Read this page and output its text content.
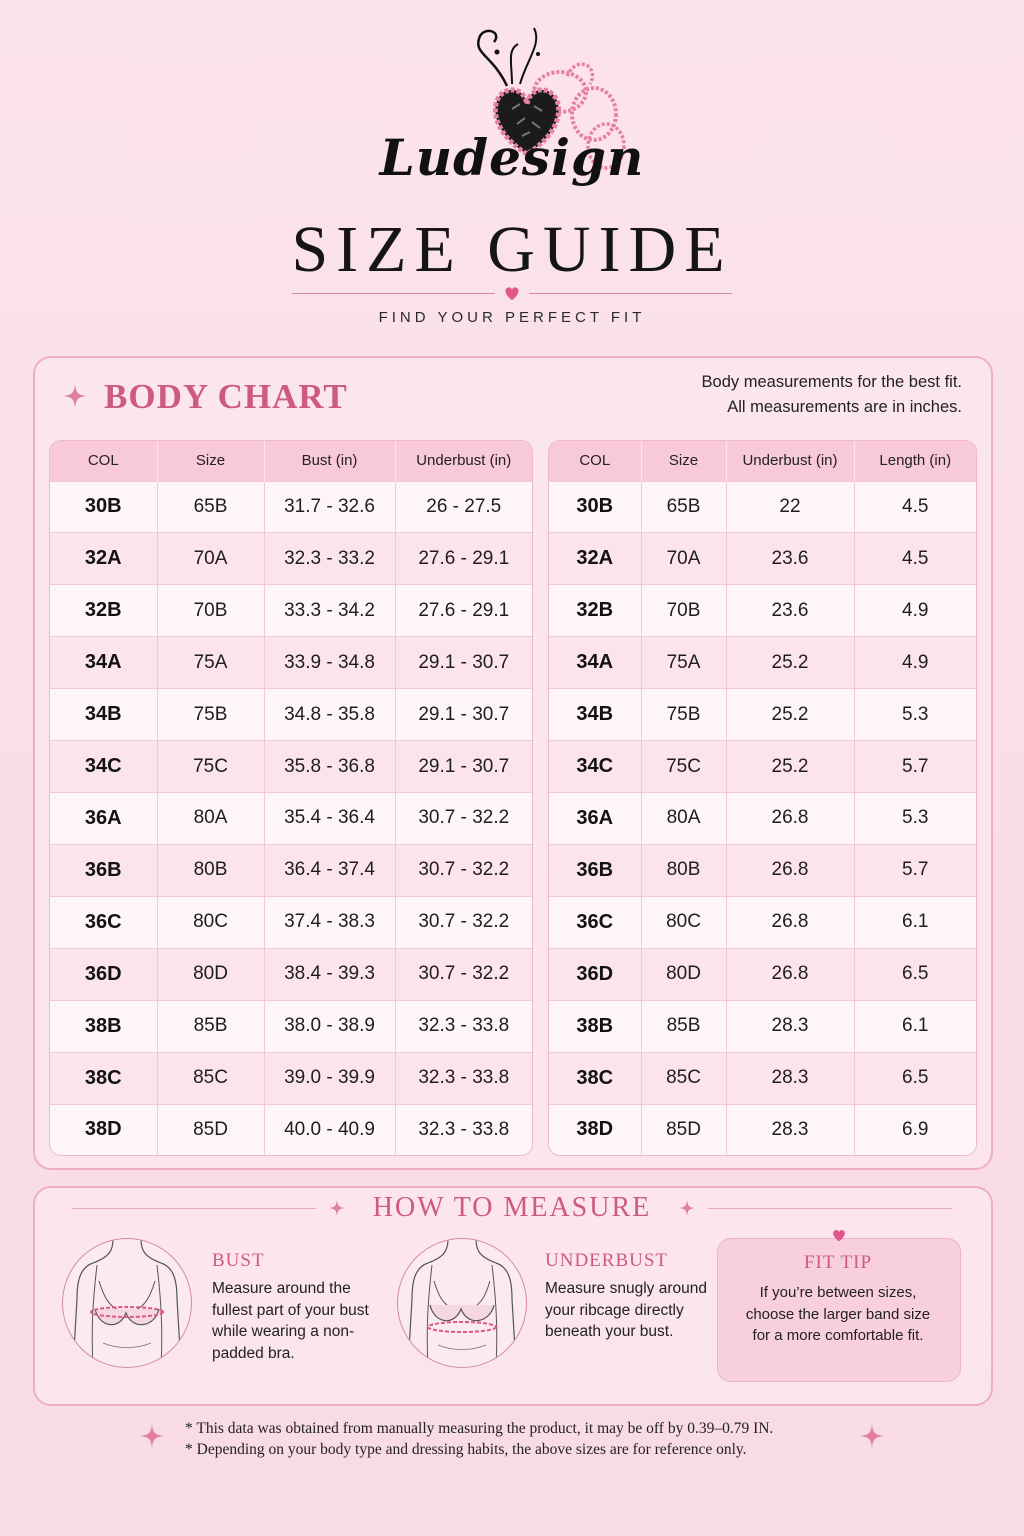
Ludesign
SIZE GUIDE
FIND YOUR PERFECT FIT
BODY CHART	Body measurements for the best fit.
All measurements are in inches.
COL	Size	Bust (in)	Underbust (in)
30B	65B	31.7 - 32.6	26 - 27.5
32A	70A	32.3 - 33.2	27.6 - 29.1
32B	70B	33.3 - 34.2	27.6 - 29.1
34A	75A	33.9 - 34.8	29.1 - 30.7
34B	75B	34.8 - 35.8	29.1 - 30.7
34C	75C	35.8 - 36.8	29.1 - 30.7
36A	80A	35.4 - 36.4	30.7 - 32.2
36B	80B	36.4 - 37.4	30.7 - 32.2
36C	80C	37.4 - 38.3	30.7 - 32.2
36D	80D	38.4 - 39.3	30.7 - 32.2
38B	85B	38.0 - 38.9	32.3 - 33.8
38C	85C	39.0 - 39.9	32.3 - 33.8
38D	85D	40.0 - 40.9	32.3 - 33.8
COL	Size	Underbust (in)	Length (in)
30B	65B	22	4.5
32A	70A	23.6	4.5
32B	70B	23.6	4.9
34A	75A	25.2	4.9
34B	75B	25.2	5.3
34C	75C	25.2	5.7
36A	80A	26.8	5.3
36B	80B	26.8	5.7
36C	80C	26.8	6.1
36D	80D	26.8	6.5
38B	85B	28.3	6.1
38C	85C	28.3	6.5
38D	85D	28.3	6.9
HOW TO MEASURE
BUST
Measure around the fullest part of your bust while wearing a non-padded bra.
UNDERBUST
Measure snugly around your ribcage directly beneath your bust.
FIT TIP
If you’re between sizes, choose the larger band size for a more comfortable fit.
* This data was obtained from manually measuring the product, it may be off by 0.39–0.79 IN.
* Depending on your body type and dressing habits, the above sizes are for reference only.
